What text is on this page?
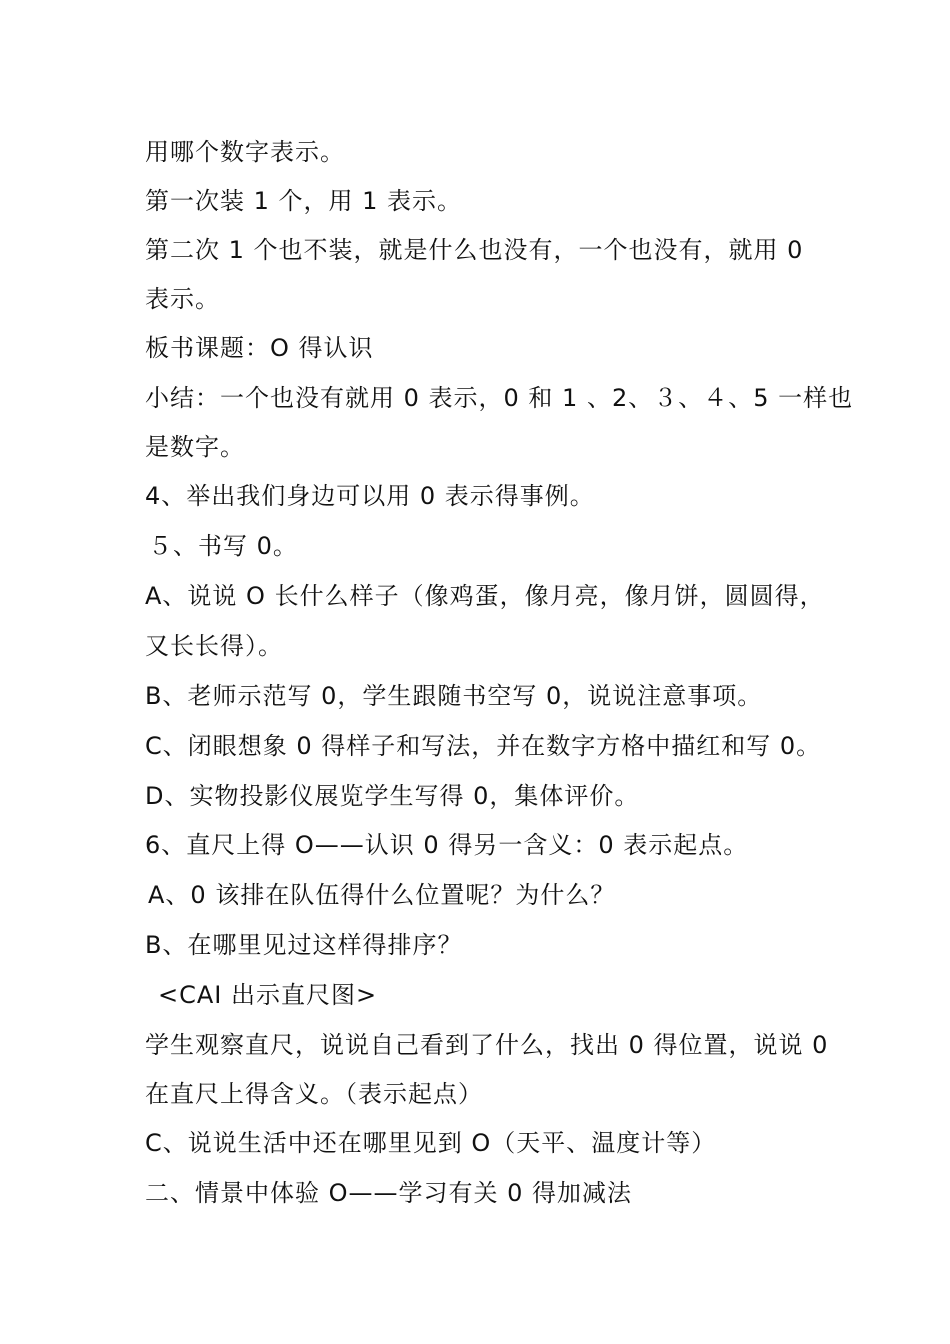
用哪个数字表示。
第一次装 1 个，用 1 表示。
第二次 1 个也不装，就是什么也没有，一个也没有，就用 0
表示。
板书课题：O 得认识
小结：一个也没有就用 0 表示，0 和 1 、2、３、４、5 一样也
是数字。
4、举出我们身边可以用 0 表示得事例。
５、书写 0。
A、说说 O 长什么样子（像鸡蛋，像月亮，像月饼，圆圆得，
又长长得）。
B、老师示范写 0，学生跟随书空写 0，说说注意事项。
C、闭眼想象 0 得样子和写法，并在数字方格中描红和写 0。
D、实物投影仪展览学生写得 0，集体评价。
6、直尺上得 O——认识 0 得另一含义：0 表示起点。
A、0 该排在队伍得什么位置呢？为什么？
B、在哪里见过这样得排序？
<CAI 出示直尺图>
学生观察直尺，说说自己看到了什么，找出 0 得位置，说说 0
在直尺上得含义。（表示起点）
C、说说生活中还在哪里见到 O（天平、温度计等）
二、情景中体验 O——学习有关 0 得加减法
